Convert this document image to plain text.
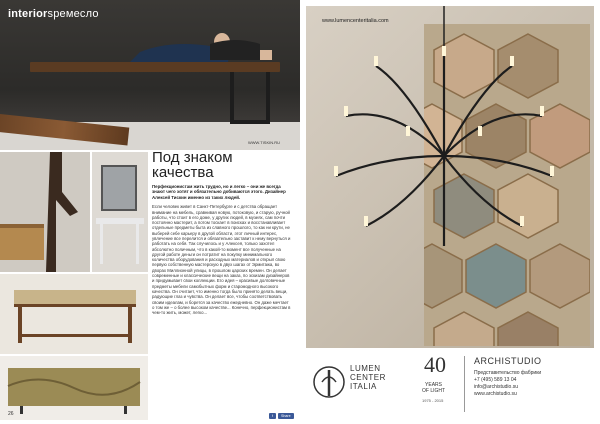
interiorsремесло
WWW.TISKIN.RU
Под знаком
качества

Перфекционистам жить трудно, но и легко – они же всегда знают чего хотят и обязательно добиваются этого. Дизайнер Алексей Тискин именно из таких людей.

Если человек живет в Санкт-Петербурге и с детства обращает внимание на мебель, сравнивая новую, потоковую, и старую, ручной работы, что стоит в его доме, у других людей, в музеях, сам почти постоянно мастерит, а потом тоскает в поисках и восстанавливает отдельные предметы быта из славного прошлого, то как ни крути, не выберей себе карьеру в другой области, этот личный интерес, увлечение все перелится и обязательно заставит к нему вернуться и работать на себя. Так случилось и у Алексея, только захотел абсолютно поличным, что в какой-то момент все полученные на другой работе деньги он потратит на покупку минимального количества оборудования и расходных материалов и открыл свою первую собственную мастерскую в двух шагах от Эрмитажа, во дворах Миллионной улицы, в прошлом царских времен. Он делает современные и классические вещи на заказ, по эскизам дизайнеров и придумывает свои коллекции. Его идея – красивые долговечные предметы мебели самобытных форм и старомодного высокого качества. Он считает, что именно тогда было принято делать вещи, радующие глаз и чувства. Он делает все, чтобы соответствовать своим идеалам, и борется за качество ежедневно. Он даже мечтает о том же – о более высоком качестве... Конечно, перфекционистам в чем-то жить, может, легко...

26	f	Share
www.lumencenteritalia.com
LUMEN
CENTER
ITALIA
40
YEARS
OF LIGHT
1975 - 2015
ARCHISTUDIO
Представительство фабрики
+7 (495) 589 13 04
info@archistudio.su
www.archistudio.su
